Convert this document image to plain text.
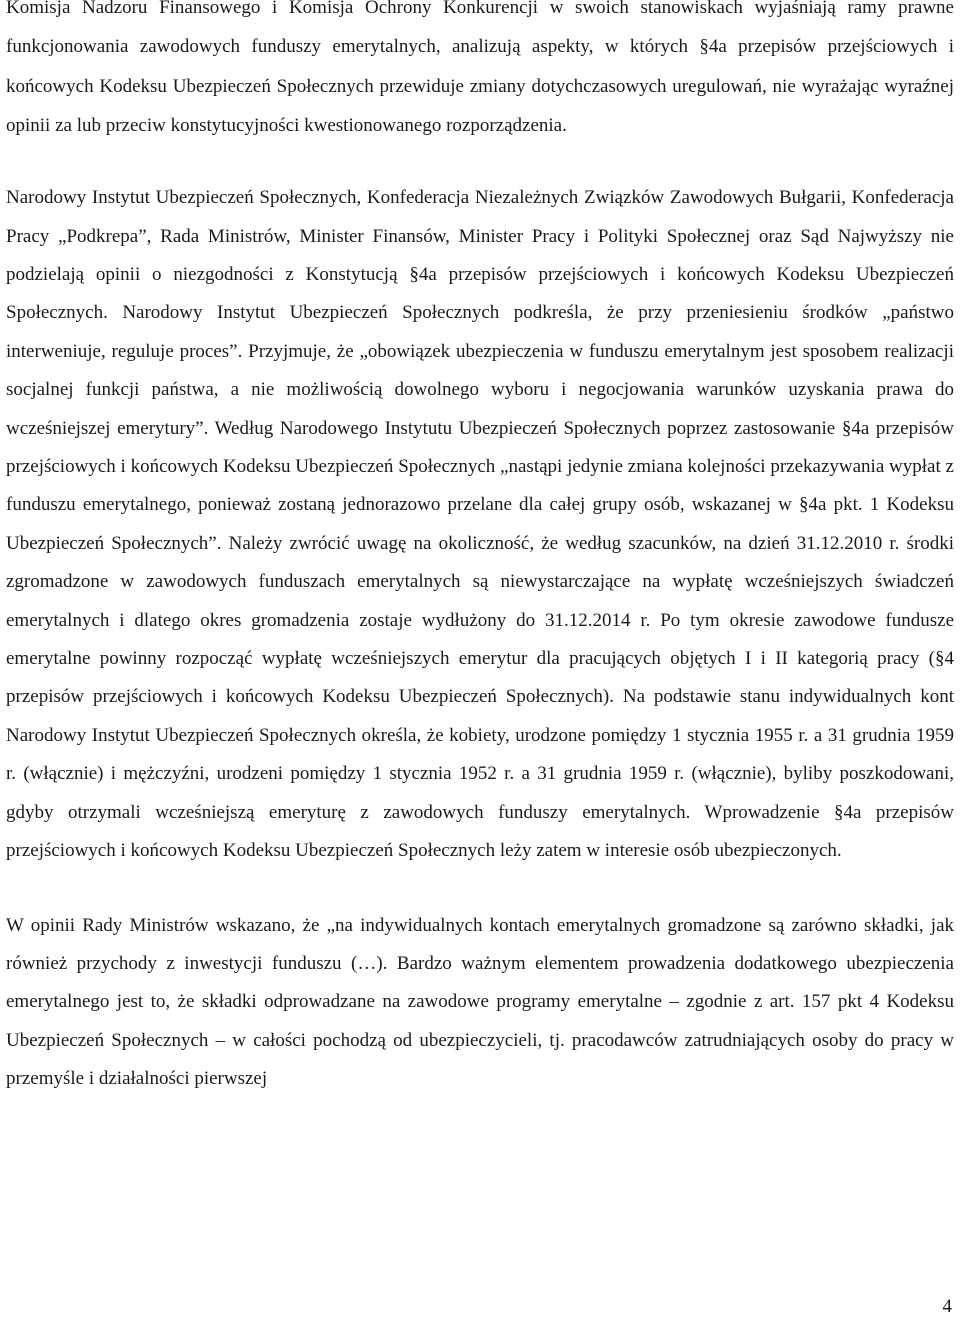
Komisja Nadzoru Finansowego i Komisja Ochrony Konkurencji w swoich stanowiskach wyjaśniają ramy prawne funkcjonowania zawodowych funduszy emerytalnych, analizują aspekty, w których §4a przepisów przejściowych i końcowych Kodeksu Ubezpieczeń Społecznych przewiduje zmiany dotychczasowych uregulowań, nie wyrażając wyraźnej opinii za lub przeciw konstytucyjności kwestionowanego rozporządzenia.

Narodowy Instytut Ubezpieczeń Społecznych, Konfederacja Niezależnych Związków Zawodowych Bułgarii, Konfederacja Pracy „Podkrepa”, Rada Ministrów, Minister Finansów, Minister Pracy i Polityki Społecznej oraz Sąd Najwyższy nie podzielają opinii o niezgodności z Konstytucją §4a przepisów przejściowych i końcowych Kodeksu Ubezpieczeń Społecznych. Narodowy Instytut Ubezpieczeń Społecznych podkreśla, że przy przeniesieniu środków „państwo interweniuje, reguluje proces”. Przyjmuje, że „obowiązek ubezpieczenia w funduszu emerytalnym jest sposobem realizacji socjalnej funkcji państwa, a nie możliwością dowolnego wyboru i negocjowania warunków uzyskania prawa do wcześniejszej emerytury”. Według Narodowego Instytutu Ubezpieczeń Społecznych poprzez zastosowanie §4a przepisów przejściowych i końcowych Kodeksu Ubezpieczeń Społecznych „nastąpi jedynie zmiana kolejności przekazywania wypłat z funduszu emerytalnego, ponieważ zostaną jednorazowo przelane dla całej grupy osób, wskazanej w §4a pkt. 1 Kodeksu Ubezpieczeń Społecznych”. Należy zwrócić uwagę na okoliczność, że według szacunków, na dzień 31.12.2010 r. środki zgromadzone w zawodowych funduszach emerytalnych są niewystarczające na wypłatę wcześniejszych świadczeń emerytalnych i dlatego okres gromadzenia zostaje wydłużony do 31.12.2014 r. Po tym okresie zawodowe fundusze emerytalne powinny rozpocząć wypłatę wcześniejszych emerytur dla pracujących objętych I i II kategorią pracy (§4 przepisów przejściowych i końcowych Kodeksu Ubezpieczeń Społecznych). Na podstawie stanu indywidualnych kont Narodowy Instytut Ubezpieczeń Społecznych określa, że kobiety, urodzone pomiędzy 1 stycznia 1955 r. a 31 grudnia 1959 r. (włącznie) i mężczyźni, urodzeni pomiędzy 1 stycznia 1952 r. a 31 grudnia 1959 r. (włącznie), byliby poszkodowani, gdyby otrzymali wcześniejszą emeryturę z zawodowych funduszy emerytalnych. Wprowadzenie §4a przepisów przejściowych i końcowych Kodeksu Ubezpieczeń Społecznych leży zatem w interesie osób ubezpieczonych.

W opinii Rady Ministrów wskazano, że „na indywidualnych kontach emerytalnych gromadzone są zarówno składki, jak również przychody z inwestycji funduszu (…). Bardzo ważnym elementem prowadzenia dodatkowego ubezpieczenia emerytalnego jest to, że składki odprowadzane na zawodowe programy emerytalne – zgodnie z art. 157 pkt 4 Kodeksu Ubezpieczeń Społecznych – w całości pochodzą od ubezpieczycieli, tj. pracodawców zatrudniających osoby do pracy w przemyśle i działalności pierwszej

4
